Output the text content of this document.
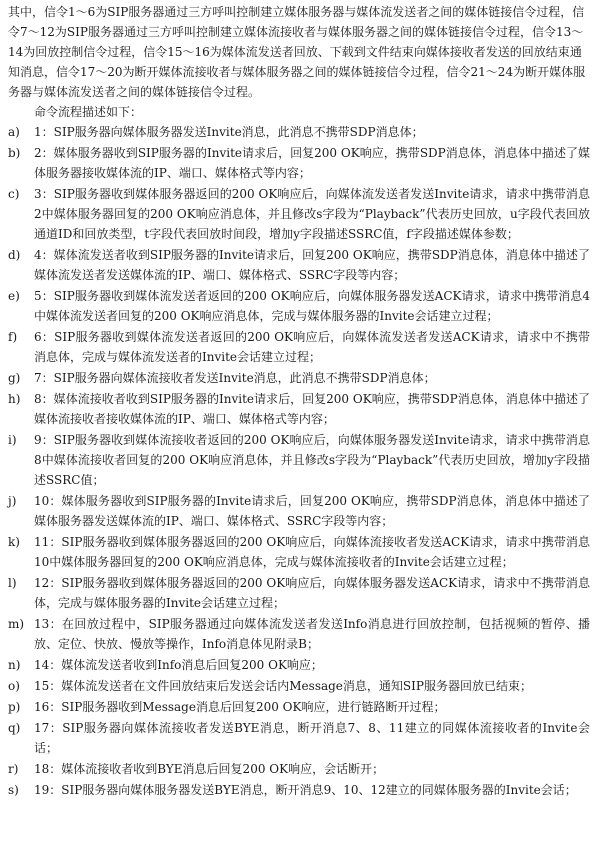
其中，信令1～6为SIP服务器通过三方呼叫控制建立媒体服务器与媒体流发送者之间的媒体链接信令过程，信令7～12为SIP服务器通过三方呼叫控制建立媒体流接收者与媒体服务器之间的媒体链接信令过程，信令13～14为回放控制信令过程，信令15～16为媒体流发送者回放、下载到文件结束向媒体接收者发送的回放结束通知消息，信令17～20为断开媒体流接收者与媒体服务器之间的媒体链接信令过程，信令21～24为断开媒体服务器与媒体流发送者之间的媒体链接信令过程。

命令流程描述如下：

a)	1：SIP服务器向媒体服务器发送Invite消息，此消息不携带SDP消息体；
b)	2：媒体服务器收到SIP服务器的Invite请求后，回复200 OK响应，携带SDP消息体，消息体中描述了媒体服务器接收媒体流的IP、端口、媒体格式等内容；
c)	3：SIP服务器收到媒体服务器返回的200 OK响应后，向媒体流发送者发送Invite请求，请求中携带消息2中媒体服务器回复的200 OK响应消息体，并且修改s字段为“Playback”代表历史回放，u字段代表回放通道ID和回放类型，t字段代表回放时间段，增加y字段描述SSRC值，f字段描述媒体参数；
d)	4：媒体流发送者收到SIP服务器的Invite请求后，回复200 OK响应，携带SDP消息体，消息体中描述了媒体流发送者发送媒体流的IP、端口、媒体格式、SSRC字段等内容；
e)	5：SIP服务器收到媒体流发送者返回的200 OK响应后，向媒体服务器发送ACK请求，请求中携带消息4中媒体流发送者回复的200 OK响应消息体，完成与媒体服务器的Invite会话建立过程；
f)	6：SIP服务器收到媒体流发送者返回的200 OK响应后，向媒体流发送者发送ACK请求，请求中不携带消息体，完成与媒体流发送者的Invite会话建立过程；
g)	7：SIP服务器向媒体流接收者发送Invite消息，此消息不携带SDP消息体；
h)	8：媒体流接收者收到SIP服务器的Invite请求后，回复200 OK响应，携带SDP消息体，消息体中描述了媒体流接收者接收媒体流的IP、端口、媒体格式等内容；
i)	9：SIP服务器收到媒体流接收者返回的200 OK响应后，向媒体服务器发送Invite请求，请求中携带消息8中媒体流接收者回复的200 OK响应消息体，并且修改s字段为“Playback”代表历史回放，增加y字段描述SSRC值；
j)	10：媒体服务器收到SIP服务器的Invite请求后，回复200 OK响应，携带SDP消息体，消息体中描述了媒体服务器发送媒体流的IP、端口、媒体格式、SSRC字段等内容；
k)	11：SIP服务器收到媒体服务器返回的200 OK响应后，向媒体流接收者发送ACK请求，请求中携带消息10中媒体服务器回复的200 OK响应消息体，完成与媒体流接收者的Invite会话建立过程；
l)	12：SIP服务器收到媒体服务器返回的200 OK响应后，向媒体服务器发送ACK请求，请求中不携带消息体，完成与媒体服务器的Invite会话建立过程；
m) 13：在回放过程中，SIP服务器通过向媒体流发送者发送Info消息进行回放控制，包括视频的暂停、播放、定位、快放、慢放等操作，Info消息体见附录B；
n)	14：媒体流发送者收到Info消息后回复200 OK响应；
o)	15：媒体流发送者在文件回放结束后发送会话内Message消息，通知SIP服务器回放已结束；
p)	16：SIP服务器收到Message消息后回复200 OK响应，进行链路断开过程；
q)	17：SIP服务器向媒体流接收者发送BYE消息，断开消息7、8、11建立的同媒体流接收者的Invite会话；
r)	18：媒体流接收者收到BYE消息后回复200 OK响应，会话断开；
s)	19：SIP服务器向媒体服务器发送BYE消息，断开消息9、10、12建立的同媒体服务器的Invite会话；
